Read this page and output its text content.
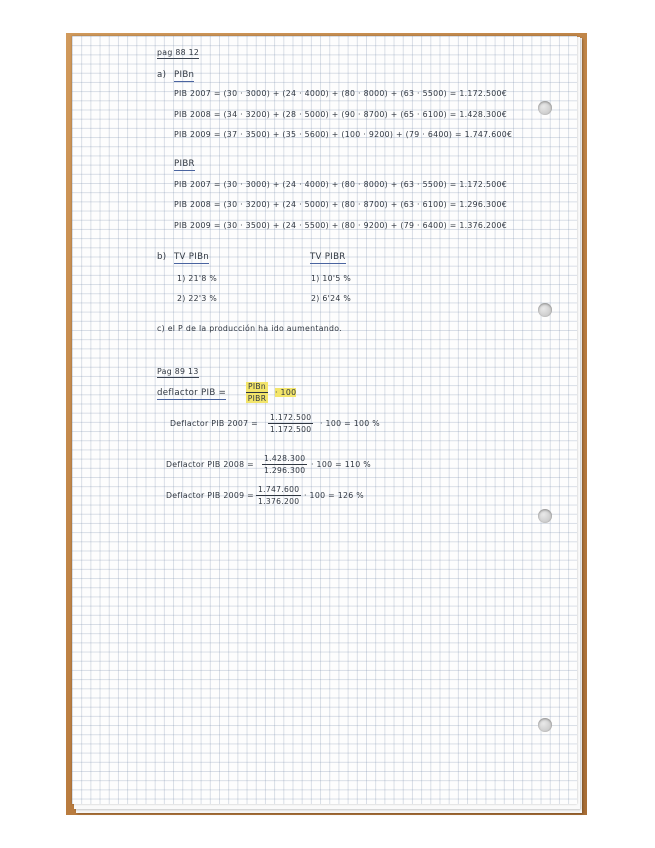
pag 88 12
a) PIBn
PIB 2007 = (30 · 3000) + (24 · 4000) + (80 · 8000) + (63 · 5500) = 1.172.500€
PIB 2008 = (34 · 3200) + (28 · 5000) + (90 · 8700) + (65 · 6100) = 1.428.300€
PIB 2009 = (37 · 3500) + (35 · 5600) + (100 · 9200) + (79 · 6400) = 1.747.600€
PIBR
PIB 2007 = (30 · 3000) + (24 · 4000) + (80 · 8000) + (63 · 5500) = 1.172.500€
PIB 2008 = (30 · 3200) + (24 · 5000) + (80 · 8700) + (63 · 6100) = 1.296.300€
PIB 2009 = (30 · 3500) + (24 · 5500) + (80 · 9200) + (79 · 6400) = 1.376.200€
b) TV PIBn	TV PIBR
1) 21'8 %
2) 22'3 %
1) 10'5 %
2) 6'24 %
c) el P de la producción ha ido aumentando.
Pag 89 13
deflactor PIB =
PIBn
PIBR
· 100
Deflactor PIB $2007 = \frac{1.172.500}{1.172.500} \cdot 100 = 100$ %
Deflactor PIB $2008 = \frac{1.428.300}{1.296.300} \cdot 100 = 110$ %
Deflactor PIB $2009 = \frac{1.747.600}{1.376.200} \cdot 100 = 126$ %
